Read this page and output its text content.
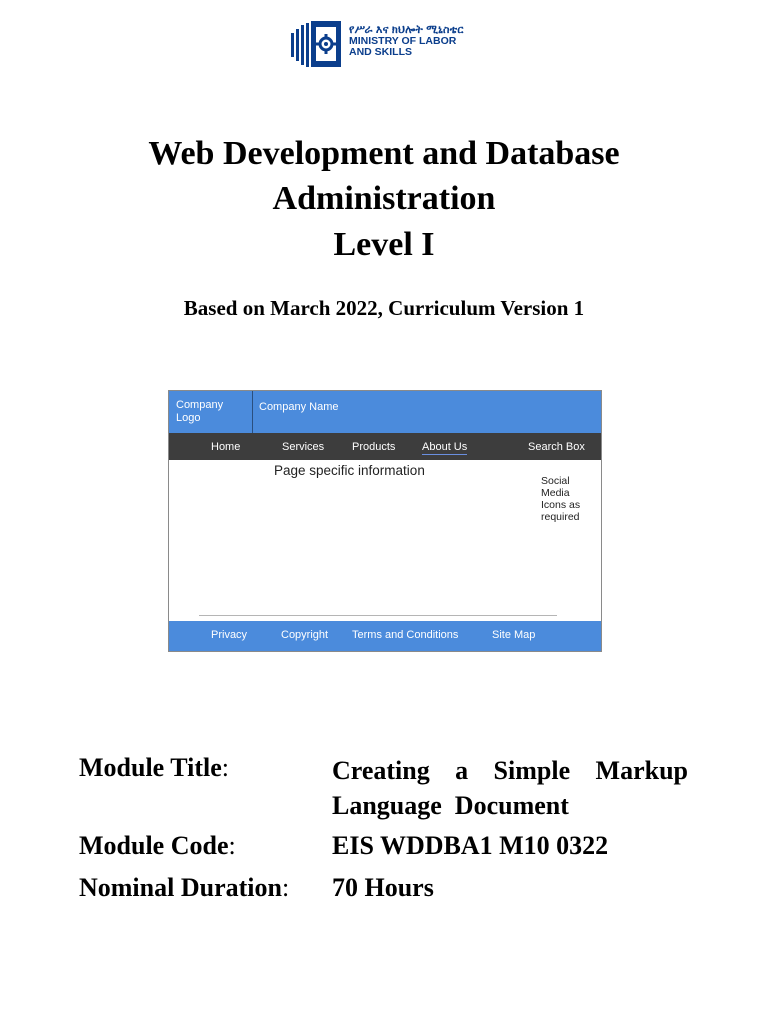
የሥራ እና ክህሎት ሚኒስቴር
MINISTRY OF LABOR
AND SKILLS
Web Development and Database
Administration
Level I
Based on March 2022, Curriculum Version 1
Company
Logo
Company Name
Home	Services	Products About Us	Search Box
Page specific information
Social
Media
Icons as
required
Privacy	Copyright Terms and Conditions	Site Map
Module Title:	Creating a Simple Markup
Language  Document
Module Code:	EIS WDDBA1 M10 0322
Nominal Duration: 70 Hours
